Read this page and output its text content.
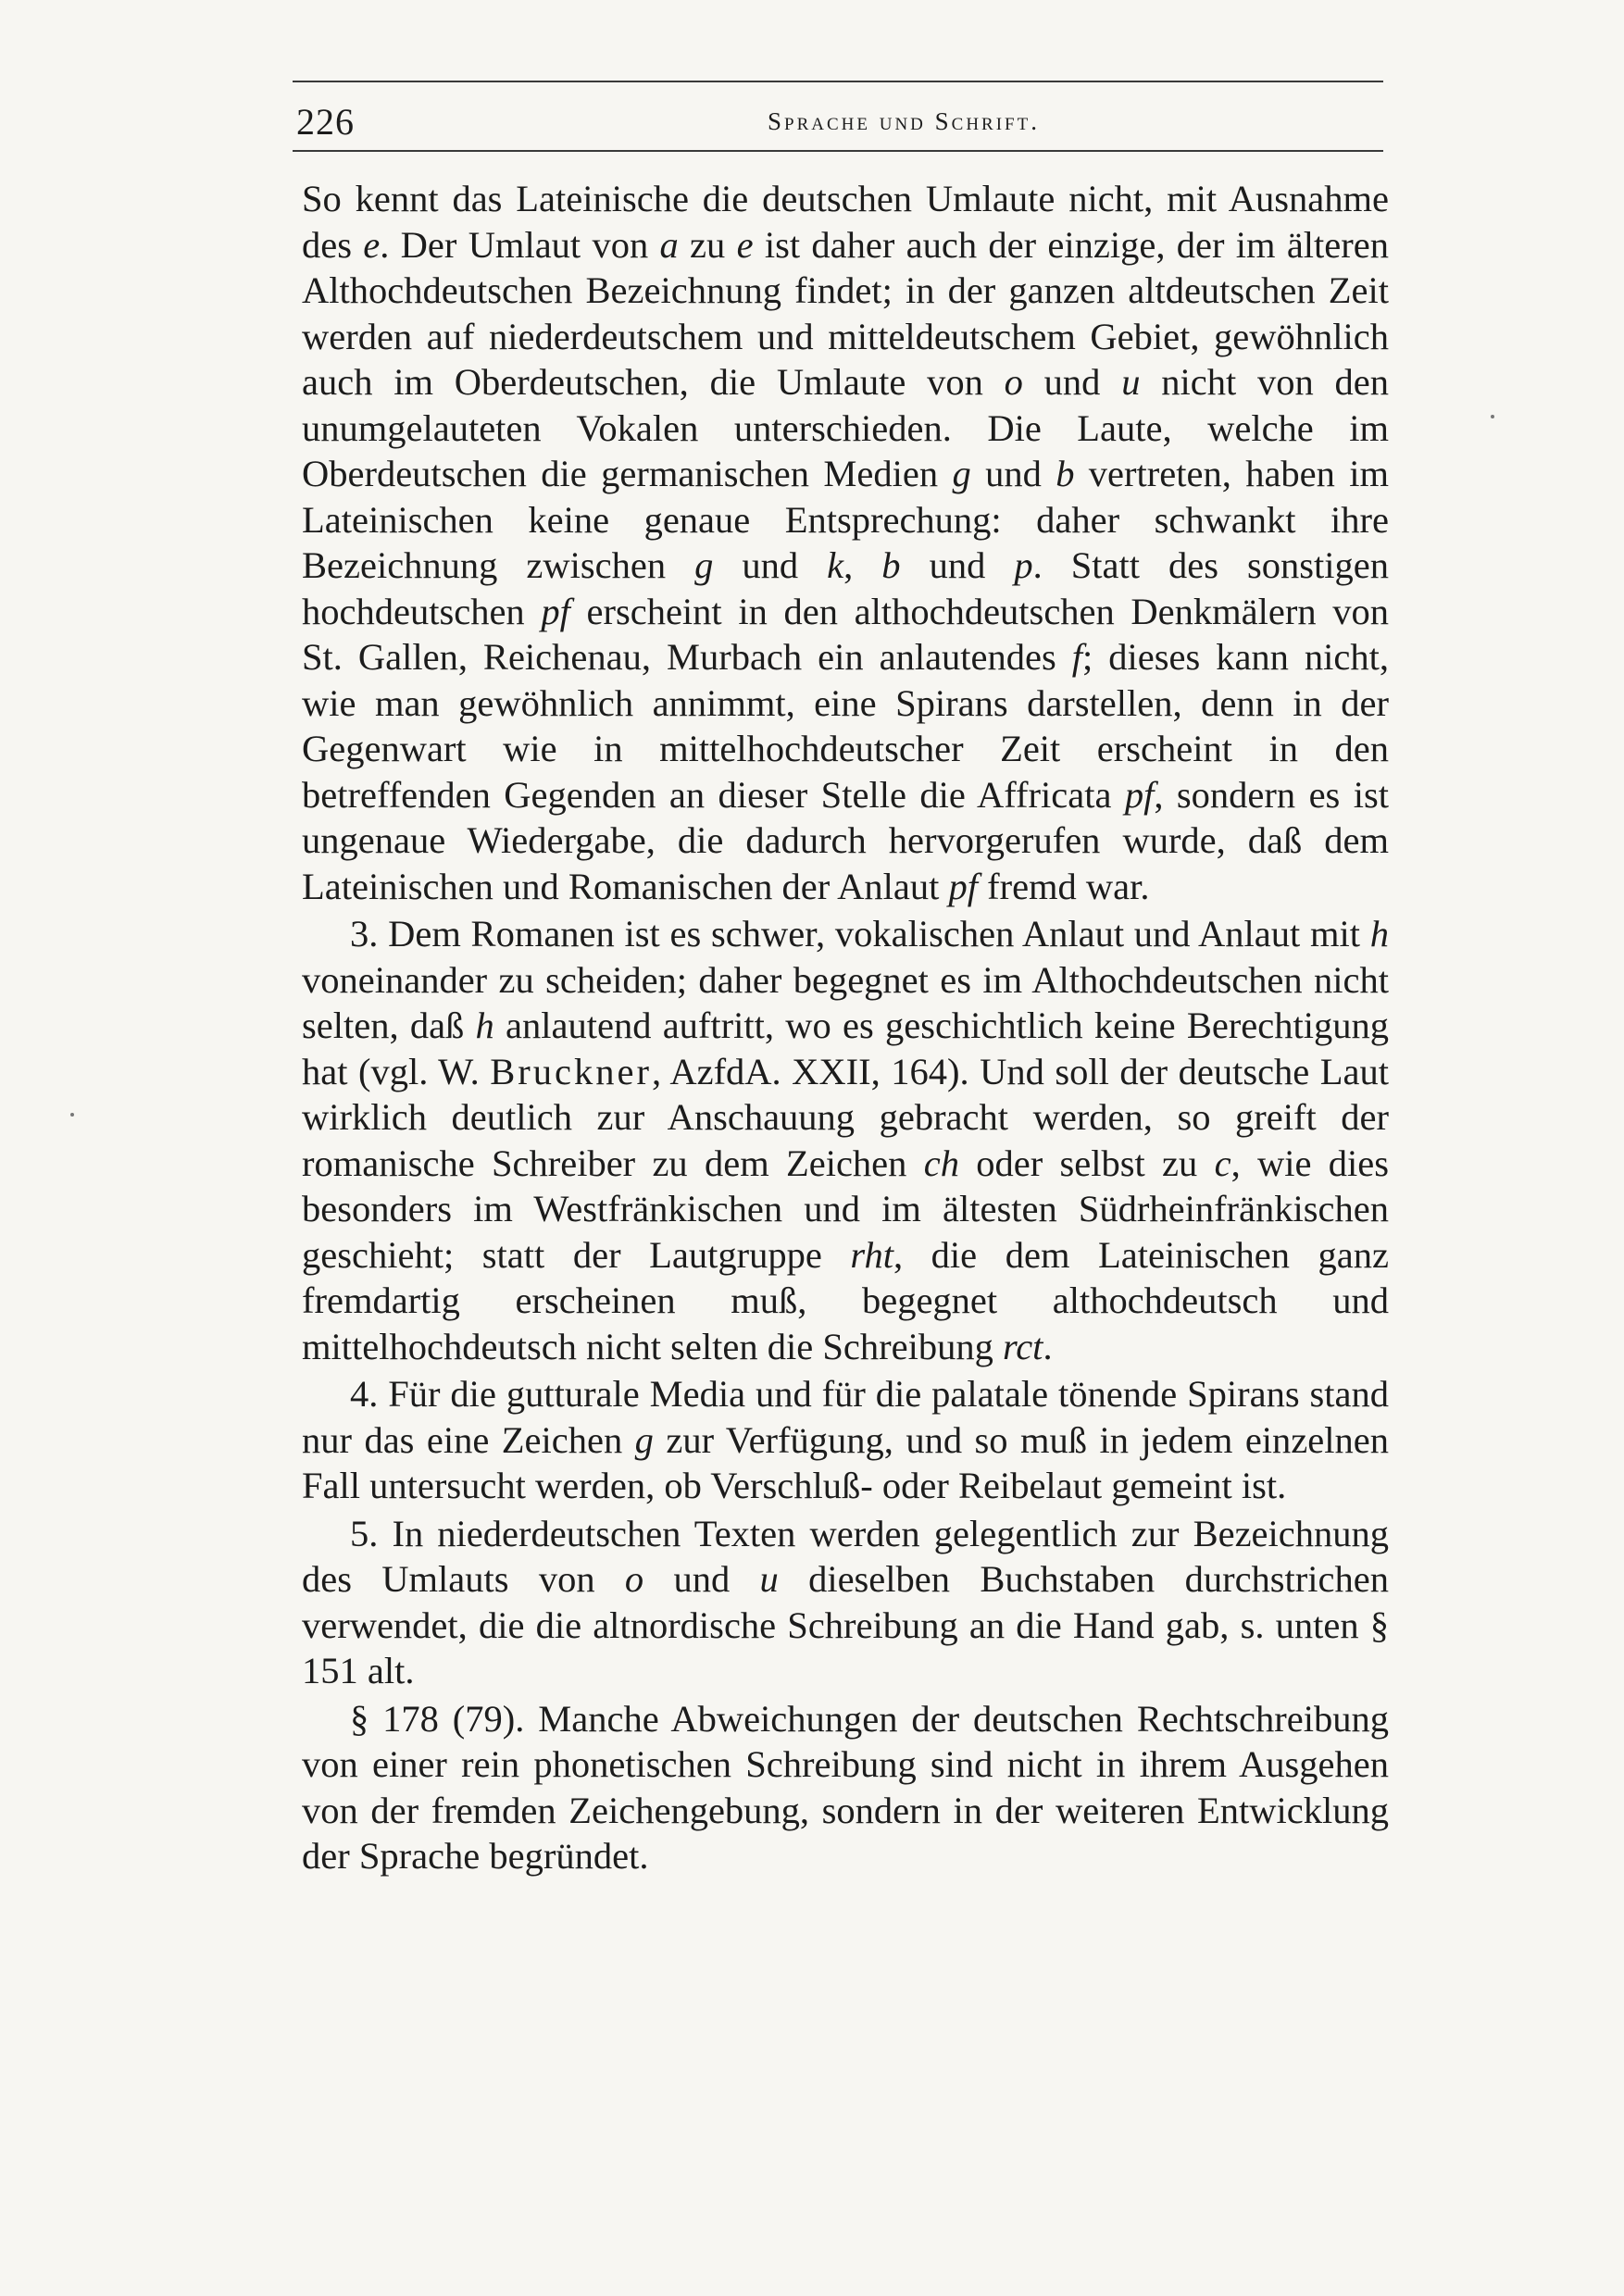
226	Sprache und Schrift.

So kennt das Lateinische die deutschen Umlaute nicht, mit Ausnahme des e. Der Umlaut von a zu e ist daher auch der einzige, der im älteren Althochdeutschen Bezeichnung findet; in der ganzen altdeutschen Zeit werden auf niederdeutschem und mitteldeutschem Gebiet, gewöhnlich auch im Oberdeutschen, die Umlaute von o und u nicht von den unumgelauteten Vokalen unterschieden. Die Laute, welche im Oberdeutschen die germanischen Medien g und b vertreten, haben im Lateinischen keine genaue Entsprechung: daher schwankt ihre Bezeichnung zwischen g und k, b und p. Statt des sonstigen hochdeutschen pf erscheint in den althochdeutschen Denkmälern von St. Gallen, Reichenau, Murbach ein anlautendes f; dieses kann nicht, wie man gewöhnlich annimmt, eine Spirans darstellen, denn in der Gegenwart wie in mittelhochdeutscher Zeit erscheint in den betreffenden Gegenden an dieser Stelle die Affricata pf, sondern es ist ungenaue Wiedergabe, die dadurch hervorgerufen wurde, daß dem Lateinischen und Romanischen der Anlaut pf fremd war.

3. Dem Romanen ist es schwer, vokalischen Anlaut und Anlaut mit h voneinander zu scheiden; daher begegnet es im Althochdeutschen nicht selten, daß h anlautend auftritt, wo es geschichtlich keine Berechtigung hat (vgl. W. Bruckner, AzfdA. XXII, 164). Und soll der deutsche Laut wirklich deutlich zur Anschauung gebracht werden, so greift der romanische Schreiber zu dem Zeichen ch oder selbst zu c, wie dies besonders im Westfränkischen und im ältesten Südrheinfränkischen geschieht; statt der Lautgruppe rht, die dem Lateinischen ganz fremdartig erscheinen muß, begegnet althochdeutsch und mittelhochdeutsch nicht selten die Schreibung rct.

4. Für die gutturale Media und für die palatale tönende Spirans stand nur das eine Zeichen g zur Verfügung, und so muß in jedem einzelnen Fall untersucht werden, ob Verschluß- oder Reibelaut gemeint ist.

5. In niederdeutschen Texten werden gelegentlich zur Bezeichnung des Umlauts von o und u dieselben Buchstaben durchstrichen verwendet, die die altnordische Schreibung an die Hand gab, s. unten § 151 alt.

§ 178 (79). Manche Abweichungen der deutschen Rechtschreibung von einer rein phonetischen Schreibung sind nicht in ihrem Ausgehen von der fremden Zeichengebung, sondern in der weiteren Entwicklung der Sprache begründet.
